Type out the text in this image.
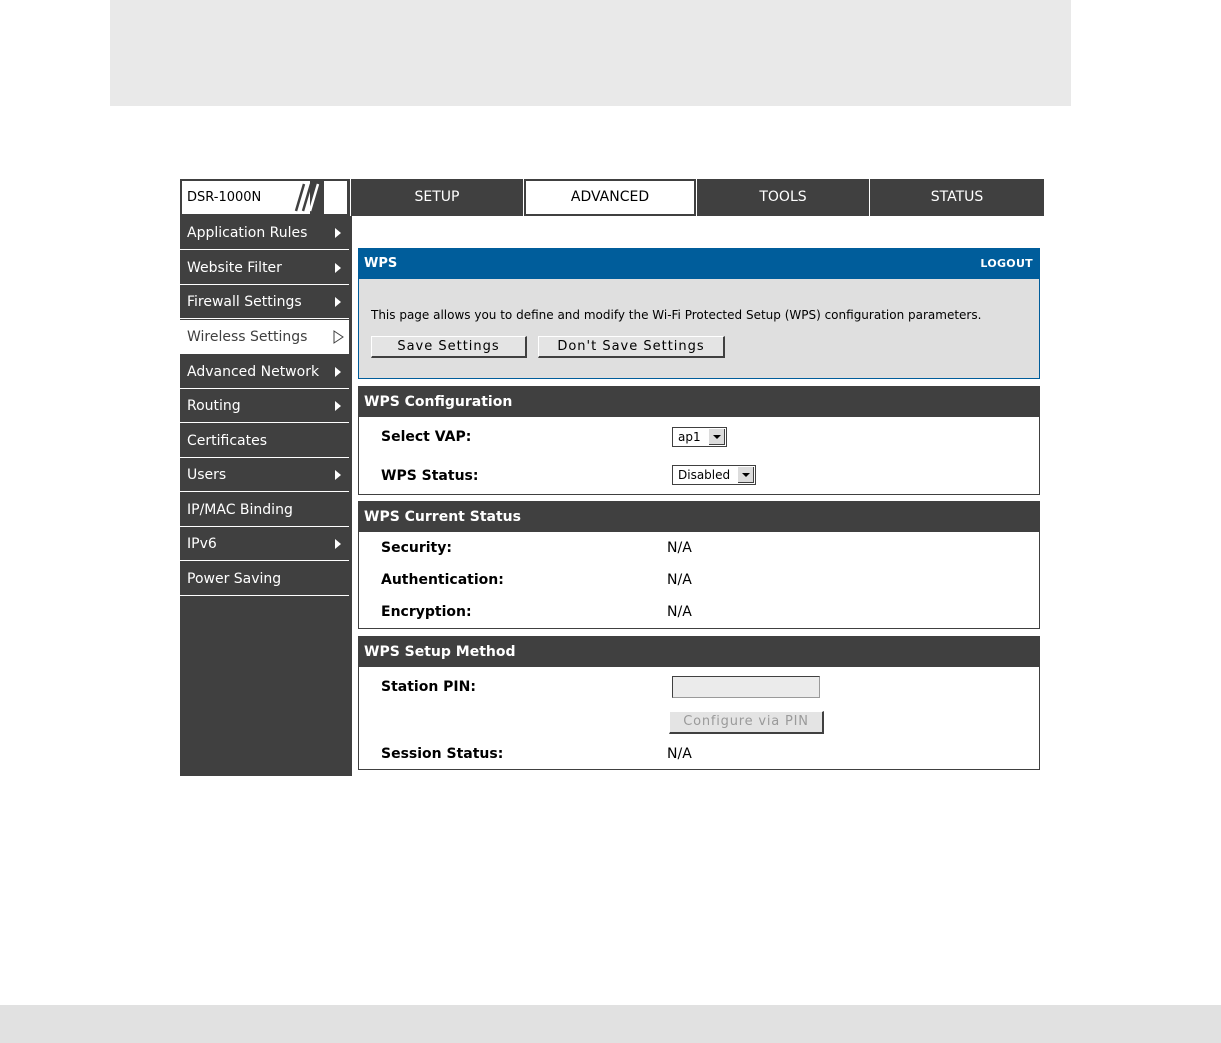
DSR-1000N	SETUP	ADVANCED	TOOLS	STATUS
Application Rules
Website Filter
Firewall Settings
Wireless Settings
Advanced Network
Routing
Certificates
Users
IP/MAC Binding
IPv6
Power Saving
WPS	LOGOUT
This page allows you to define and modify the Wi-Fi Protected Setup (WPS) configuration parameters.
Save Settings	Don't Save Settings
WPS Configuration
Select VAP:	ap1
WPS Status:	Disabled
WPS Current Status
Security:	N/A
Authentication:	N/A
Encryption:	N/A
WPS Setup Method
Station PIN:
Configure via PIN
Session Status:	N/A
